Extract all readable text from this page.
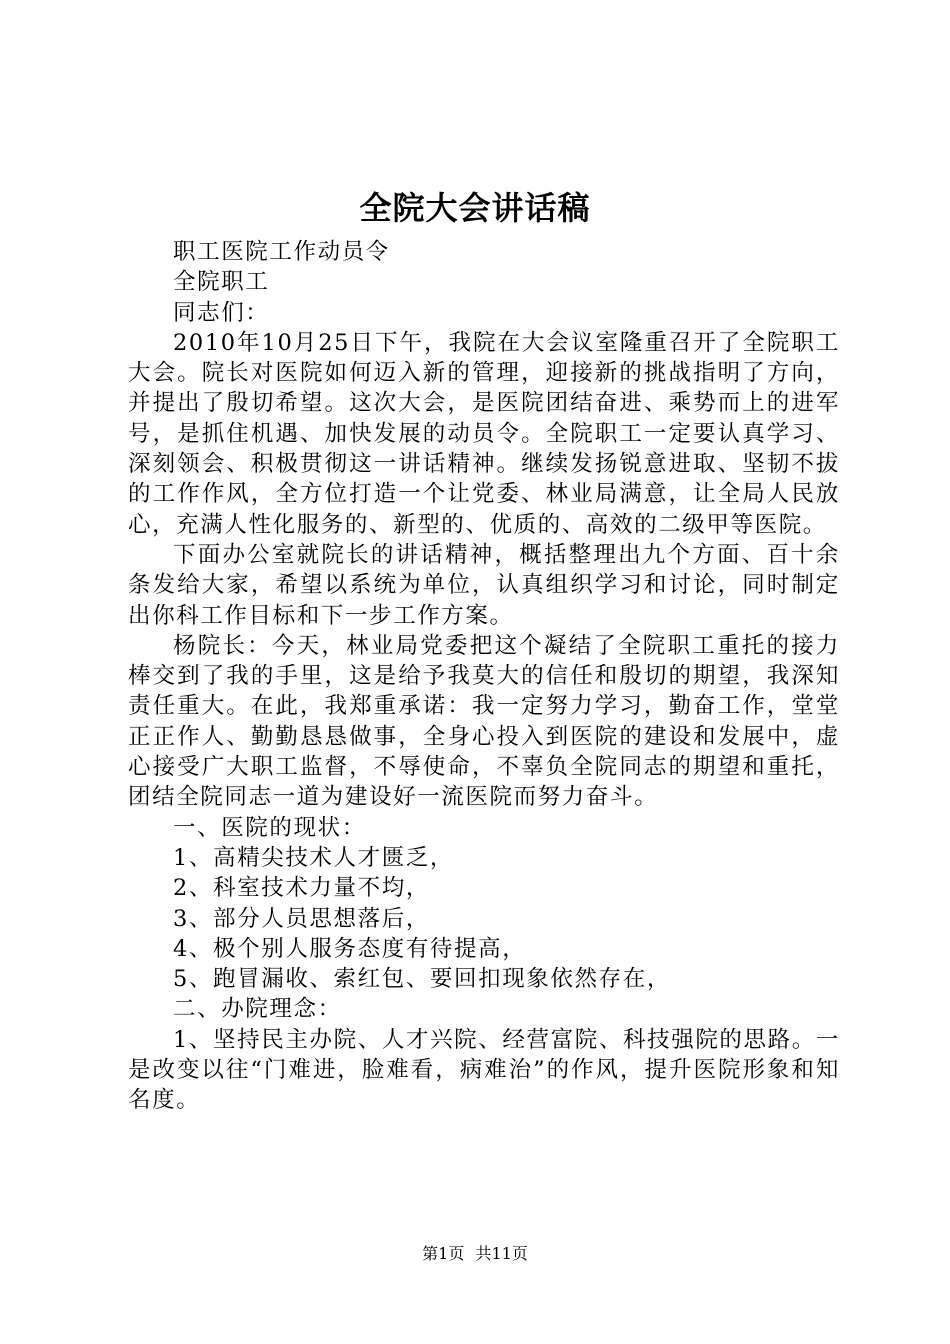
全院大会讲话稿

职工医院工作动员令

全院职工

同志们：

2010年10月25日下午，我院在大会议室隆重召开了全院职工大会。院长对医院如何迈入新的管理，迎接新的挑战指明了方向，并提出了殷切希望。这次大会，是医院团结奋进、乘势而上的进军号，是抓住机遇、加快发展的动员令。全院职工一定要认真学习、深刻领会、积极贯彻这一讲话精神。继续发扬锐意进取、坚韧不拔的工作作风，全方位打造一个让党委、林业局满意，让全局人民放心，充满人性化服务的、新型的、优质的、高效的二级甲等医院。

下面办公室就院长的讲话精神，概括整理出九个方面、百十余条发给大家，希望以系统为单位，认真组织学习和讨论，同时制定出你科工作目标和下一步工作方案。

杨院长：今天，林业局党委把这个凝结了全院职工重托的接力棒交到了我的手里，这是给予我莫大的信任和殷切的期望，我深知责任重大。在此，我郑重承诺：我一定努力学习，勤奋工作，堂堂正正作人、勤勤恳恳做事，全身心投入到医院的建设和发展中，虚心接受广大职工监督，不辱使命，不辜负全院同志的期望和重托，团结全院同志一道为建设好一流医院而努力奋斗。

一、医院的现状：

1、高精尖技术人才匮乏，

2、科室技术力量不均，

3、部分人员思想落后，

4、极个别人服务态度有待提高，

5、跑冒漏收、索红包、要回扣现象依然存在，

二、办院理念：

1、坚持民主办院、人才兴院、经营富院、科技强院的思路。一是改变以往“门难进，脸难看，病难治”的作风，提升医院形象和知名度。

第1页 共11页
